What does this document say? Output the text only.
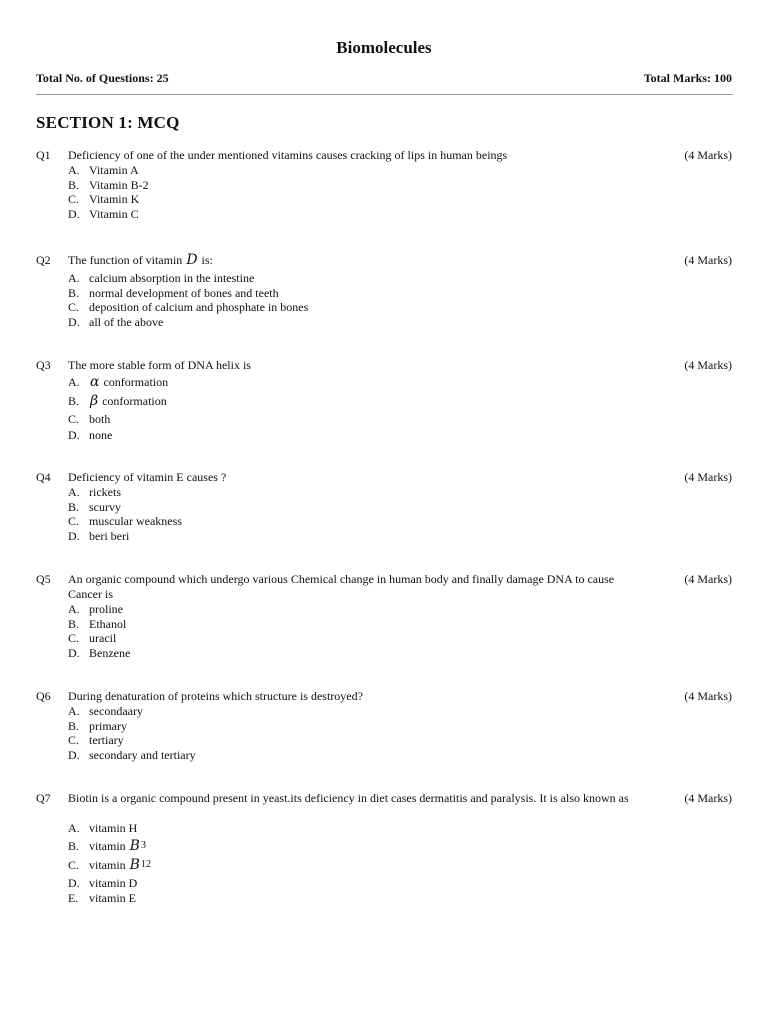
Biomolecules
Total No. of Questions: 25	Total Marks: 100
SECTION 1: MCQ
Q1 Deficiency of one of the under mentioned vitamins causes cracking of lips in human beings	(4 Marks)
A. Vitamin A
B. Vitamin B-2
C. Vitamin K
D. Vitamin C
Q2 The function of vitamin D is:	(4 Marks)
A. calcium absorption in the intestine
B. normal development of bones and teeth
C. deposition of calcium and phosphate in bones
D. all of the above
Q3 The more stable form of DNA helix is	(4 Marks)
A. α
conformation
B. β
conformation
C. both
D. none
Q4 Deficiency of vitamin E causes ?	(4 Marks)
A. rickets
B. scurvy
C. muscular weakness
D. beri beri
Q5 An organic compound which undergo various Chemical change in human body and finally damage DNA to cause Cancer is
(4 Marks)
A. proline
B. Ethanol
C. uracil
D. Benzene
Q6 During denaturation of proteins which structure is destroyed?	(4 Marks)
A. secondaary
B. primary
C. tertiary
D. secondary and tertiary
Q7 Biotin is a organic compound present in yeast.its deficiency in diet cases dermatitis and paralysis. It is also known as	(4 Marks)
A. vitamin H
B. vitamin
B 3
C. vitamin
B 12
D. vitamin D
E. vitamin E
